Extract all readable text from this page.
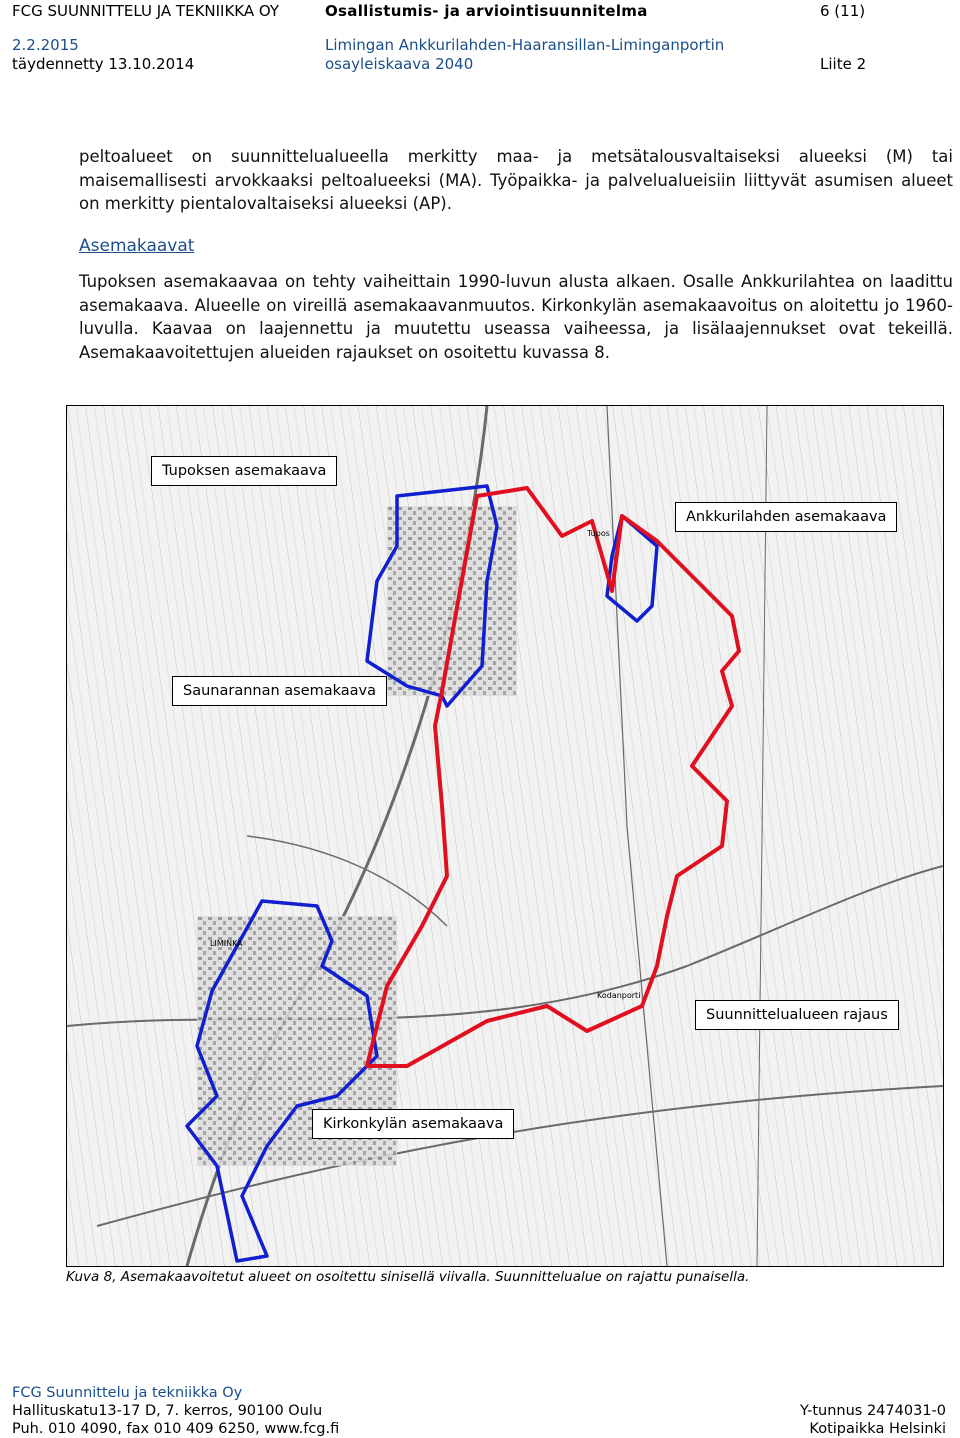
FCG SUUNNITTELU JA TEKNIIKKA OY	Osallistumis- ja arviointisuunnitelma	6 (11)
2.2.2015
täydennetty 13.10.2014
Limingan Ankkurilahden-Haaransillan-Liminganportin
osayleiskaava 2040	Liite 2
peltoalueet on suunnittelualueella merkitty maa- ja metsätalousvaltaiseksi alueeksi (M) tai maisemallisesti arvokkaaksi peltoalueeksi (MA). Työpaikka- ja palvelualueisiin liittyvät asumisen alueet on merkitty pientalovaltaiseksi alueeksi (AP).
Asemakaavat
Tupoksen asemakaavaa on tehty vaiheittain 1990-luvun alusta alkaen. Osalle Ankkurilahtea on laadittu asemakaava. Alueelle on vireillä asemakaavanmuutos. Kirkonkylän asemakaavoitus on aloitettu jo 1960-luvulla. Kaavaa on laajennettu ja muutettu useassa vaiheessa, ja lisälaajennukset ovat tekeillä. Asemakaavoitettujen alueiden rajaukset on osoitettu kuvassa 8.
LIMINKA
Tupos
Kodanporti
Tupoksen asemakaava
Ankkurilahden asemakaava
Saunarannan asemakaava
Suunnittelualueen rajaus
Kirkonkylän asemakaava
Kuva 8, Asemakaavoitetut alueet on osoitettu sinisellä viivalla. Suunnittelualue on rajattu punaisella.
FCG Suunnittelu ja tekniikka Oy
Hallituskatu13-17 D, 7. kerros, 90100 Oulu
Puh. 010 4090, fax 010 409 6250, www.fcg.fi
Y-tunnus 2474031-0
Kotipaikka Helsinki
